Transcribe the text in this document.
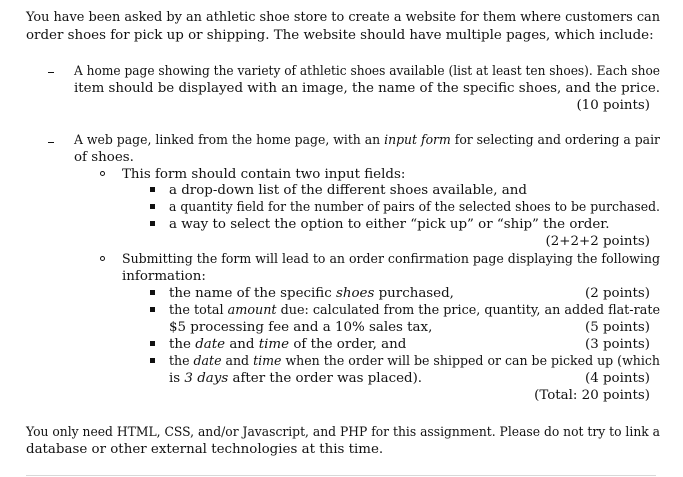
You have been asked by an athletic shoe store to create a website for them where customers can
order shoes for pick up or shipping. The website should have multiple pages, which include:
A home page showing the variety of athletic shoes available (list at least ten shoes). Each shoe
item should be displayed with an image, the name of the specific shoes, and the price.
(10 points)
A web page, linked from the home page, with an input form for selecting and ordering a pair
of shoes.
This form should contain two input fields:
a drop-down list of the different shoes available, and
a quantity field for the number of pairs of the selected shoes to be purchased.
a way to select the option to either “pick up” or “ship” the order.
(2+2+2 points)
Submitting the form will lead to an order confirmation page displaying the following
information:
the name of the specific shoes purchased,	(2 points)
the total amount due: calculated from the price, quantity, an added flat-rate
$5 processing fee and a 10% sales tax,	(5 points)
the date and time of the order, and	(3 points)
the date and time when the order will be shipped or can be picked up (which
is 3 days after the order was placed).	(4 points)
(Total: 20 points)
You only need HTML, CSS, and/or Javascript, and PHP for this assignment. Please do not try to link a
database or other external technologies at this time.
